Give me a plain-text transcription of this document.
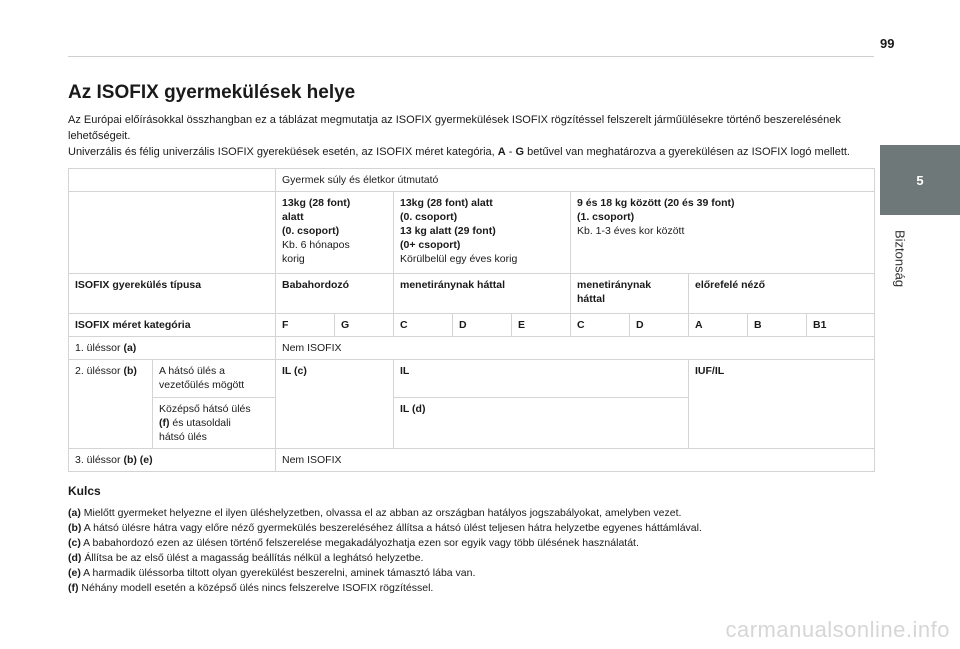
99
5
Biztonság
Az ISOFIX gyermekülések helye

Az Európai előírásokkal összhangban ez a táblázat megmutatja az ISOFIX gyermekülések ISOFIX rögzítéssel felszerelt járműülésekre történő beszerelésének lehetőségeit.

Univerzális és félig univerzális ISOFIX gyereküések esetén, az ISOFIX méret kategória, A - G betűvel van meghatározva a gyerekülésen az ISOFIX logó mellett.

		Gyermek súly és életkor útmutató									
		13kg (28 font)
alatt
(0. csoport)
Kb. 6 hónapos
korig		13kg (28 font) alatt
(0. csoport)
13 kg alatt (29 font)
(0+ csoport)
Körülbelül egy éves korig			9 és 18 kg között (20 és 39 font)
(1. csoport)
Kb. 1-3 éves kor között				
ISOFIX gyerekülés típusa		Babahordozó		menetiránynak háttal			menetiránynak
háttal		előrefelé néző		
ISOFIX méret kategória		F	G	C	D	E	C	D	A	B	B1
1. üléssor (a)		Nem ISOFIX									
2. üléssor (b)	A hátsó ülés a
vezetőülés mögött	IL (c)		IL					IUF/IL		
	Középső hátsó ülés
(f) és utasoldali
hátsó ülés			IL (d)							
3. üléssor (b) (e)		Nem ISOFIX									
Kulcs

(a) Mielőtt gyermeket helyezne el ilyen üléshelyzetben, olvassa el az abban az országban hatályos jogszabályokat, amelyben vezet.

(b) A hátsó ülésre hátra vagy előre néző gyermekülés beszereléséhez állítsa a hátsó ülést teljesen hátra helyzetbe egyenes háttámlával.

(c) A babahordozó ezen az ülésen történő felszerelése megakadályozhatja ezen sor egyik vagy több ülésének használatát.

(d) Állítsa be az első ülést a magasság beállítás nélkül a leghátsó helyzetbe.

(e) A harmadik üléssorba tiltott olyan gyerekülést beszerelni, aminek támasztó lába van.

(f) Néhány modell esetén a középső ülés nincs felszerelve ISOFIX rögzítéssel.

carmanualsonline.info
